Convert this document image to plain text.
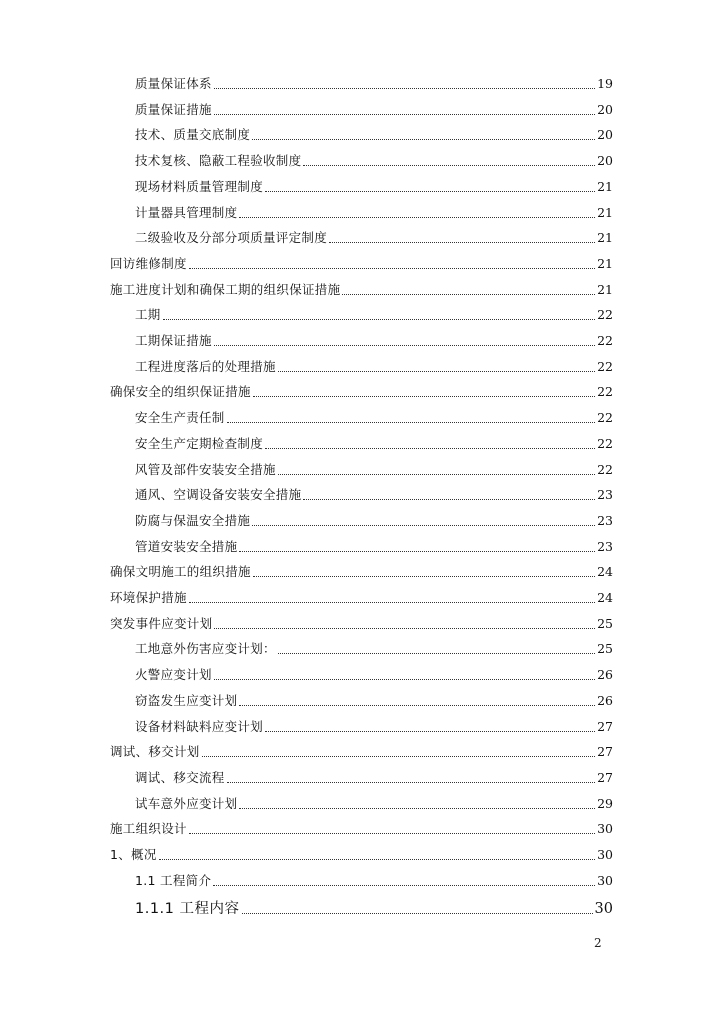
质量保证体系	19
质量保证措施	20
技术、质量交底制度	20
技术复核、隐蔽工程验收制度	20
现场材料质量管理制度	21
计量器具管理制度	21
二级验收及分部分项质量评定制度	21
回访维修制度	21
施工进度计划和确保工期的组织保证措施	21
工期	22
工期保证措施	22
工程进度落后的处理措施	22
确保安全的组织保证措施	22
安全生产责任制	22
安全生产定期检查制度	22
风管及部件安装安全措施	22
通风、空调设备安装安全措施	23
防腐与保温安全措施	23
管道安装安全措施	23
确保文明施工的组织措施	24
环境保护措施	24
突发事件应变计划	25
工地意外伤害应变计划：	25
火警应变计划	26
窃盗发生应变计划	26
设备材料缺料应变计划	27
调试、移交计划	27
调试、移交流程	27
试车意外应变计划	29
施工组织设计	30
1、概况	30
1.1 工程简介	30
1.1.1 工程内容	30
2
